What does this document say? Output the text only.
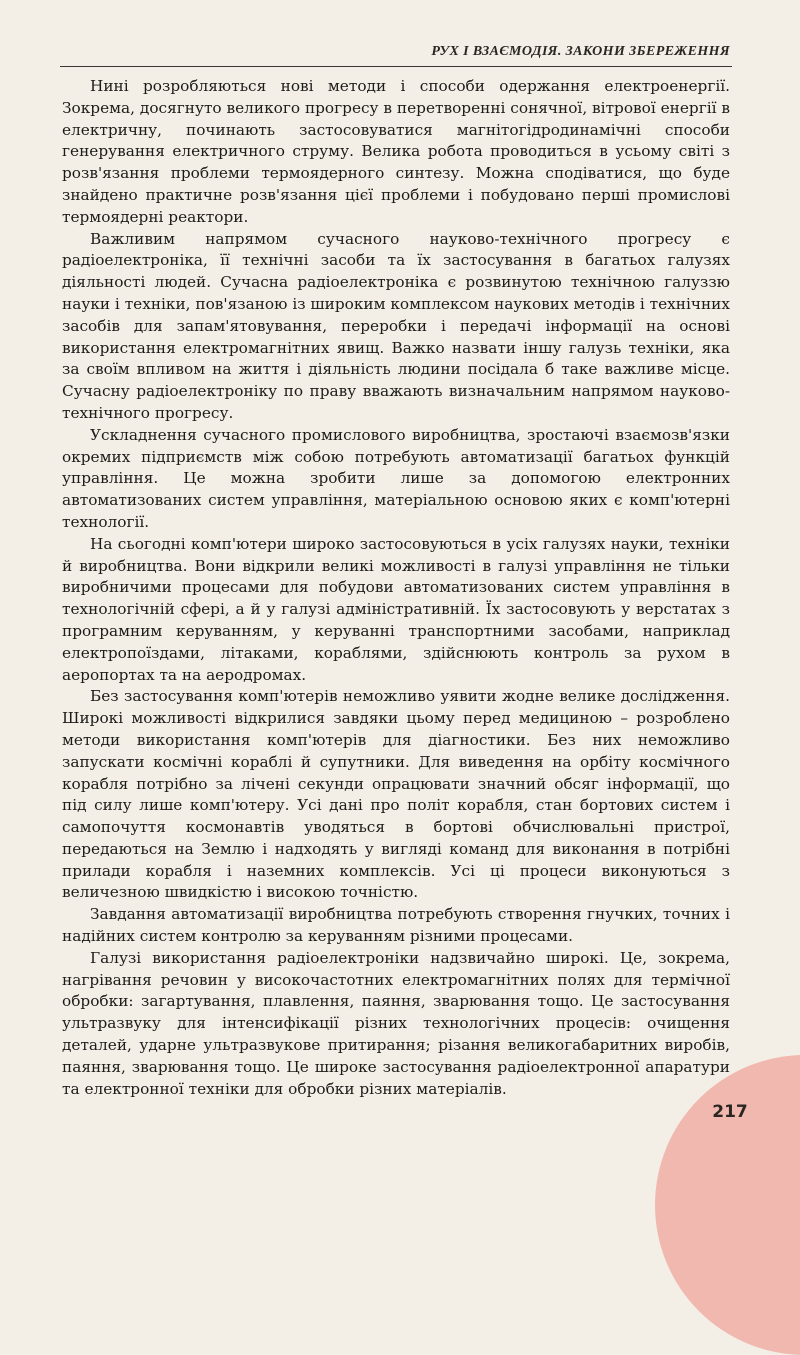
РУХ І ВЗАЄМОДІЯ. ЗАКОНИ ЗБЕРЕЖЕННЯ

Нині розробляються нові методи і способи одержання електроенергії. Зокрема, досягнуто великого прогресу в перетворенні сонячної, вітрової енергії в електричну, починають застосовуватися магнітогідродинамічні способи генерування електричного струму. Велика робота проводиться в усьому світі з розв'язання проблеми термоядерного синтезу. Можна сподіватися, що буде знайдено практичне розв'язання цієї проблеми і побудовано перші промислові термоядерні реактори.

Важливим напрямом сучасного науково-технічного прогресу є радіоелектроніка, її технічні засоби та їх застосування в багатьох галузях діяльності людей. Сучасна радіоелектроніка є розвинутою технічною галуззю науки і техніки, пов'язаною із широким комплексом наукових методів і технічних засобів для запам'ятовування, переробки і передачі інформації на основі використання електромагнітних явищ. Важко назвати іншу галузь техніки, яка за своїм впливом на життя і діяльність людини посідала б таке важливе місце. Сучасну радіоелектроніку по праву вважають визначальним напрямом науково-технічного прогресу.

Ускладнення сучасного промислового виробництва, зростаючі взаємозв'язки окремих підприємств між собою потребують автоматизації багатьох функцій управління. Це можна зробити лише за допомогою електронних автоматизованих систем управління, матеріальною основою яких є комп'ютерні технології.

На сьогодні комп'ютери широко застосовуються в усіх галузях науки, техніки й виробництва. Вони відкрили великі можливості в галузі управління не тільки виробничими процесами для побудови автоматизованих систем управління в технологічній сфері, а й у галузі адміністративній. Їх застосовують у верстатах з програмним керуванням, у керуванні транспортними засобами, наприклад електропоїздами, літаками, кораблями, здійснюють контроль за рухом в аеропортах та на аеродромах.

Без застосування комп'ютерів неможливо уявити жодне велике дослідження. Широкі можливості відкрилися завдяки цьому перед медициною – розроблено методи використання комп'ютерів для діагностики. Без них неможливо запускати космічні кораблі й супутники. Для виведення на орбіту космічного корабля потрібно за лічені секунди опрацювати значний обсяг інформації, що під силу лише комп'ютеру. Усі дані про політ корабля, стан бортових систем і самопочуття космонавтів уводяться в бортові обчислювальні пристрої, передаються на Землю і надходять у вигляді команд для виконання в потрібні прилади корабля і наземних комплексів. Усі ці процеси виконуються з величезною швидкістю і високою точністю.

Завдання автоматизації виробництва потребують створення гнучких, точних і надійних систем контролю за керуванням різними процесами.

Галузі використання радіоелектроніки надзвичайно широкі. Це, зокрема, нагрівання речовин у високочастотних електромагнітних полях для термічної обробки: загартування, плавлення, паяння, зварювання тощо. Це застосування ультразвуку для інтенсифікації різних технологічних процесів: очищення деталей, ударне ультразвукове притирання; різання великогабаритних виробів, паяння, зварювання тощо. Це широке застосування радіоелектронної апаратури та електронної техніки для обробки різних матеріалів.

217
